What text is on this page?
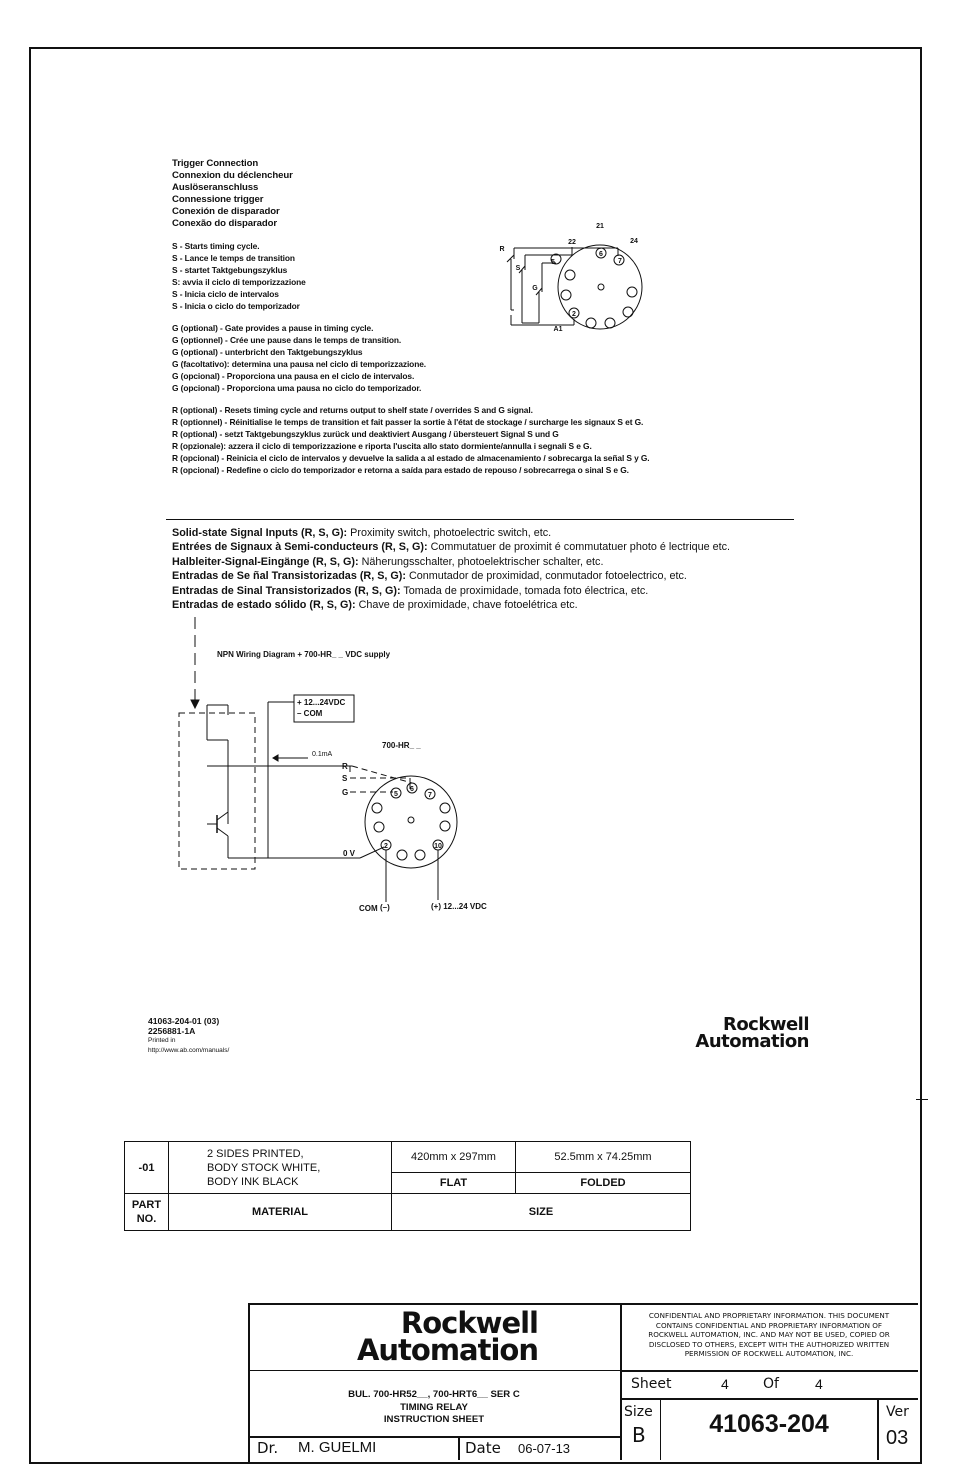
Trigger Connection
Connexion du déclencheur
Auslöseranschluss
Connessione trigger
Conexión de disparador
Conexão do disparador
S - Starts timing cycle.
S - Lance le temps de transition
S - startet Taktgebungszyklus
S: avvia il ciclo di temporizzazione
S - Inicia ciclo de intervalos
S - Inicia o ciclo do temporizador
G (optional) - Gate provides a pause in timing cycle.
G (optionnel) - Crée une pause dans le temps de transition.
G (optional) - unterbricht den Taktgebungszyklus
G (facoltativo): determina una pausa nel ciclo di temporizzazione.
G (opcional) - Proporciona una pausa en el ciclo de intervalos.
G (opcional) - Proporciona uma pausa no ciclo do temporizador.
R (optional) - Resets timing cycle and returns output to shelf state / overrides S and G signal.
R (optionnel) - Réinitialise le temps de transition et fait passer la sortie à l'état de stockage / surcharge les signaux S et G.
R (optional) - setzt Taktgebungszyklus zurück und deaktiviert Ausgang / übersteuert Signal S und G
R (opzionale): azzera il ciclo di temporizzazione e riporta l'uscita allo stato dormiente/annulla i segnali S e G.
R (opcional) - Reinicia el ciclo de intervalos y devuelve la salida a al estado de almacenamiento / sobrecarga la señal S y G.
R (opcional) - Redefine o ciclo do temporizador e retorna a saída para estado de repouso / sobrecarrega o sinal S e G.
5
6
7
2
R
S
G
A1
21
22	24
Solid-state Signal Inputs (R, S, G): Proximity switch, photoelectric switch, etc.
Entrées de Signaux à Semi-conducteurs (R, S, G): Commutatuer de proximit é commutatuer photo é lectrique etc.
Halbleiter-Signal-Eingänge (R, S, G): Näherungsschalter, photoelektrischer schalter, etc.
Entradas de Se ñal Transistorizadas (R, S, G): Conmutador de proximidad, conmutador fotoelectrico, etc.
Entradas de Sinal Transistorizados (R, S, G): Tomada de proximidade, tomada foto électrica, etc.
Entradas de estado sólido (R, S, G): Chave de proximidade, chave fotoelétrica etc.
NPN Wiring Diagram + 700-HR_ _ VDC supply
+ 12...24VDC
– COM
700-HR_ _
R
S
G
0 V
COM (–)	(+) 12...24 VDC
0.1mA
5
6
7
2	10
41063-204-01 (03)
2256881-1A
Printed in
http://www.ab.com/manuals/
Rockwell
Automation
-01	2 SIDES PRINTED,
BODY STOCK WHITE,
BODY INK BLACK	420mm x 297mm	52.5mm x 74.25mm
		FLAT	FOLDED
PART NO.	MATERIAL	SIZE	
Rockwell
Automation
CONFIDENTIAL AND PROPRIETARY INFORMATION. THIS DOCUMENT
CONTAINS CONFIDENTIAL AND PROPRIETARY INFORMATION OF
ROCKWELL AUTOMATION, INC. AND MAY NOT BE USED, COPIED OR
DISCLOSED TO OTHERS, EXCEPT WITH THE AUTHORIZED WRITTEN
PERMISSION OF ROCKWELL AUTOMATION, INC.
BUL. 700-HR52__, 700-HRT6__ SER C
TIMING RELAY
INSTRUCTION SHEET
Sheet	4 Of	4
Size
B	41063-204	Ver
03
Dr. M. GUELMI	Date 06-07-13
